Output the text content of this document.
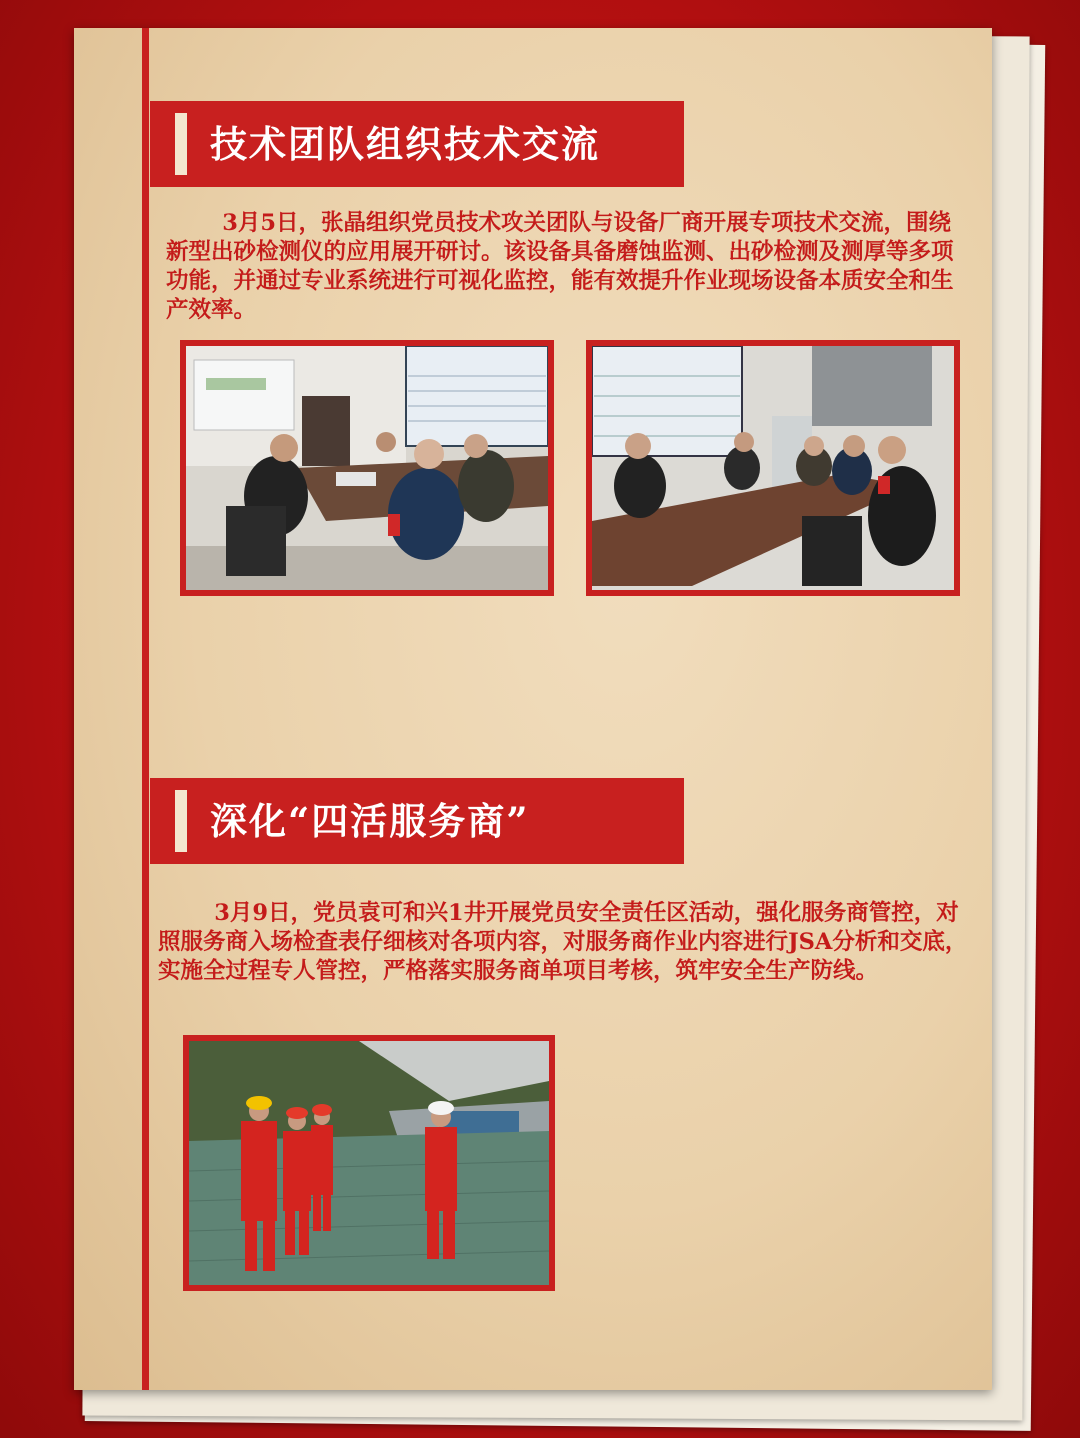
技术团队组织技术交流

3月5日，张晶组织党员技术攻关团队与设备厂商开展专项技术交流，围绕新型出砂检测仪的应用展开研讨。该设备具备磨蚀监测、出砂检测及测厚等多项功能，并通过专业系统进行可视化监控，能有效提升作业现场设备本质安全和生产效率。

深化“四活服务商”

3月9日，党员袁可和兴1井开展党员安全责任区活动，强化服务商管控，对照服务商入场检查表仔细核对各项内容，对服务商作业内容进行JSA分析和交底，实施全过程专人管控，严格落实服务商单项目考核，筑牢安全生产防线。
